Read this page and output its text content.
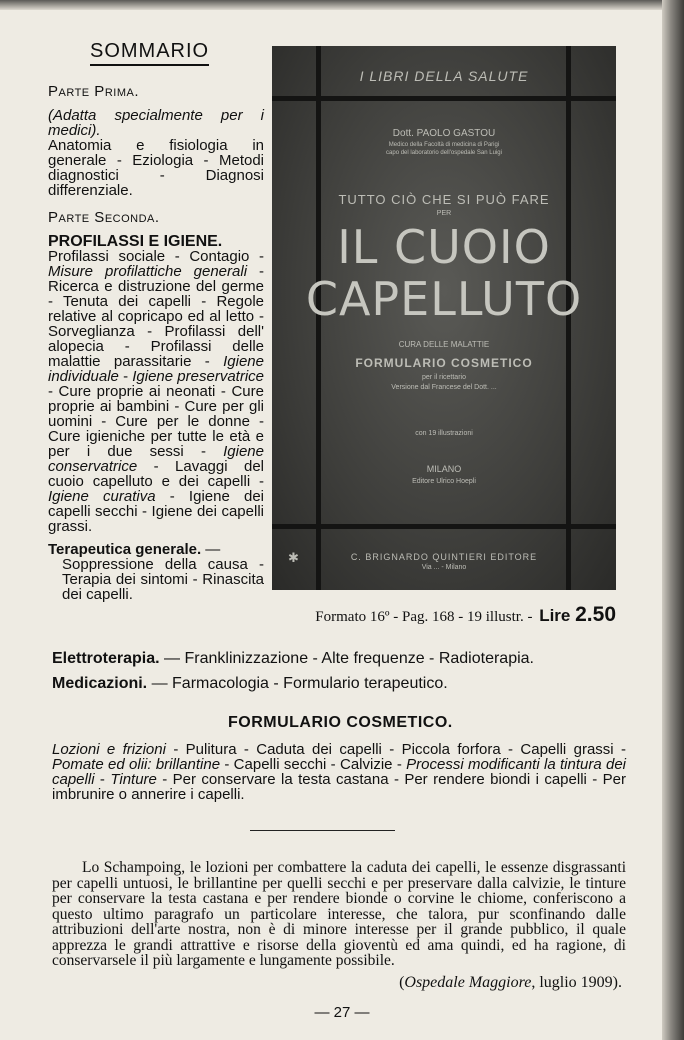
SOMMARIO

Parte Prima.

(Adatta specialmente per i medici).

Anatomia e fisiologia in generale - Eziologia - Metodi diagnostici - Diagnosi differenziale.

Parte Seconda.

PROFILASSI E IGIENE.

Profilassi sociale - Contagio - Misure profilattiche generali - Ricerca e distruzione del germe - Tenuta dei capelli - Regole relative al copricapo ed al letto - Sorveglianza - Profilassi dell' alopecia - Profilassi delle malattie parassitarie - Igiene individuale - Igiene preservatrice - Cure proprie ai neonati - Cure proprie ai bambini - Cure per gli uomini - Cure per le donne - Cure igieniche per tutte le età e per i due sessi - Igiene conservatrice - Lavaggi del cuoio capelluto e dei capelli - Igiene curativa - Igiene dei capelli secchi - Igiene dei capelli grassi.

Terapeutica generale. —

Soppressione della causa - Terapia dei sintomi - Rinascita dei capelli.

I LIBRI DELLA SALUTE
Dott. PAOLO GASTOU
Medico della Facoltà di medicina di Parigi
capo del laboratorio dell'ospedale San Luigi
TUTTO CIÒ CHE SI PUÒ FARE
PER
IL CUOIO
CAPELLUTO
CURA DELLE MALATTIE
FORMULARIO COSMETICO
per il ricettario
Versione dal Francese del Dott. ...
con 19 illustrazioni
MILANO
Editore Ulrico Hoepli
C. BRIGNARDO QUINTIERI EDITORE
Via ... - Milano
✱
Formato 16º - Pag. 168 - 19 illustr. - Lire 2.50
Elettroterapia. — Franklinizzazione - Alte frequenze - Radioterapia.
Medicazioni. — Farmacologia - Formulario terapeutico.
FORMULARIO COSMETICO.

Lozioni e frizioni - Pulitura - Caduta dei capelli - Piccola forfora - Capelli grassi - Pomate ed olii: brillantine - Capelli secchi - Calvizie - Processi modificanti la tintura dei capelli - Tinture - Per conservare la testa castana - Per rendere biondi i capelli - Per imbrunire o annerire i capelli.

Lo Schampoing, le lozioni per combattere la caduta dei capelli, le essenze disgrassanti per capelli untuosi, le brillantine per quelli secchi e per preservare dalla calvizie, le tinture per conservare la testa castana e per rendere bionde o corvine le chiome, conferiscono a questo ultimo paragrafo un particolare interesse, che talora, pur sconfinando dalle attribuzioni dell'arte nostra, non è di minore interesse per il grande pubblico, il quale apprezza le grandi attrattive e risorse della gioventù ed ama quindi, ed ha ragione, di conservarsele il più largamente e lungamente possibile.

(Ospedale Maggiore, luglio 1909).
— 27 —
